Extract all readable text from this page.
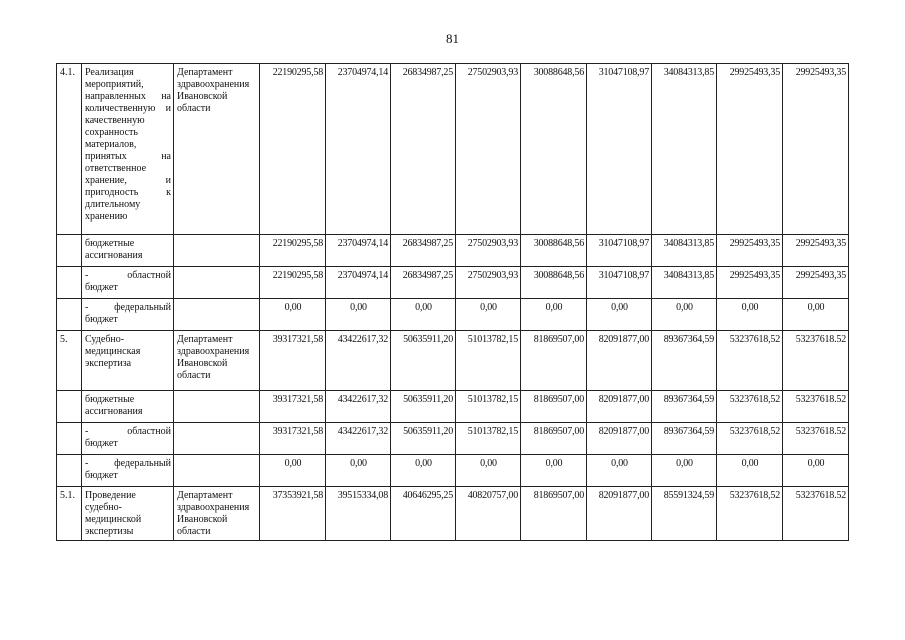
81
4.1.	Реализация мероприятий, направленных на количественную и качественную сохранность материалов, принятых на ответственное хранение, и пригодность к длительному хранению	Департамент здравоохранения Ивановской области	22190295,58	23704974,14	26834987,25	27502903,93	30088648,56	31047108,97	34084313,85	29925493,35	29925493,35
	бюджетные ассигнования		22190295,58	23704974,14	26834987,25	27502903,93	30088648,56	31047108,97	34084313,85	29925493,35	29925493,35

	- областной
бюджет		22190295,58	23704974,14	26834987,25	27502903,93	30088648,56	31047108,97	34084313,85	29925493,35	29925493,35

	- федеральный
бюджет		0,00	0,00	0,00	0,00	0,00	0,00	0,00	0,00	0,00
5.	Судебно-медицинская экспертиза	Департамент здравоохранения Ивановской области	39317321,58	43422617,32	50635911,20	51013782,15	81869507,00	82091877,00	89367364,59	53237618,52	53237618.52
	бюджетные ассигнования		39317321,58	43422617,32	50635911,20	51013782,15	81869507,00	82091877,00	89367364,59	53237618,52	53237618.52

	- областной
бюджет		39317321,58	43422617,32	50635911,20	51013782,15	81869507,00	82091877,00	89367364,59	53237618,52	53237618.52

	- федеральный
бюджет		0,00	0,00	0,00	0,00	0,00	0,00	0,00	0,00	0,00
5.1.	Проведение судебно-медицинской экспертизы	Департамент здравоохранения Ивановской области	37353921,58	39515334,08	40646295,25	40820757,00	81869507,00	82091877,00	85591324,59	53237618,52	53237618.52
